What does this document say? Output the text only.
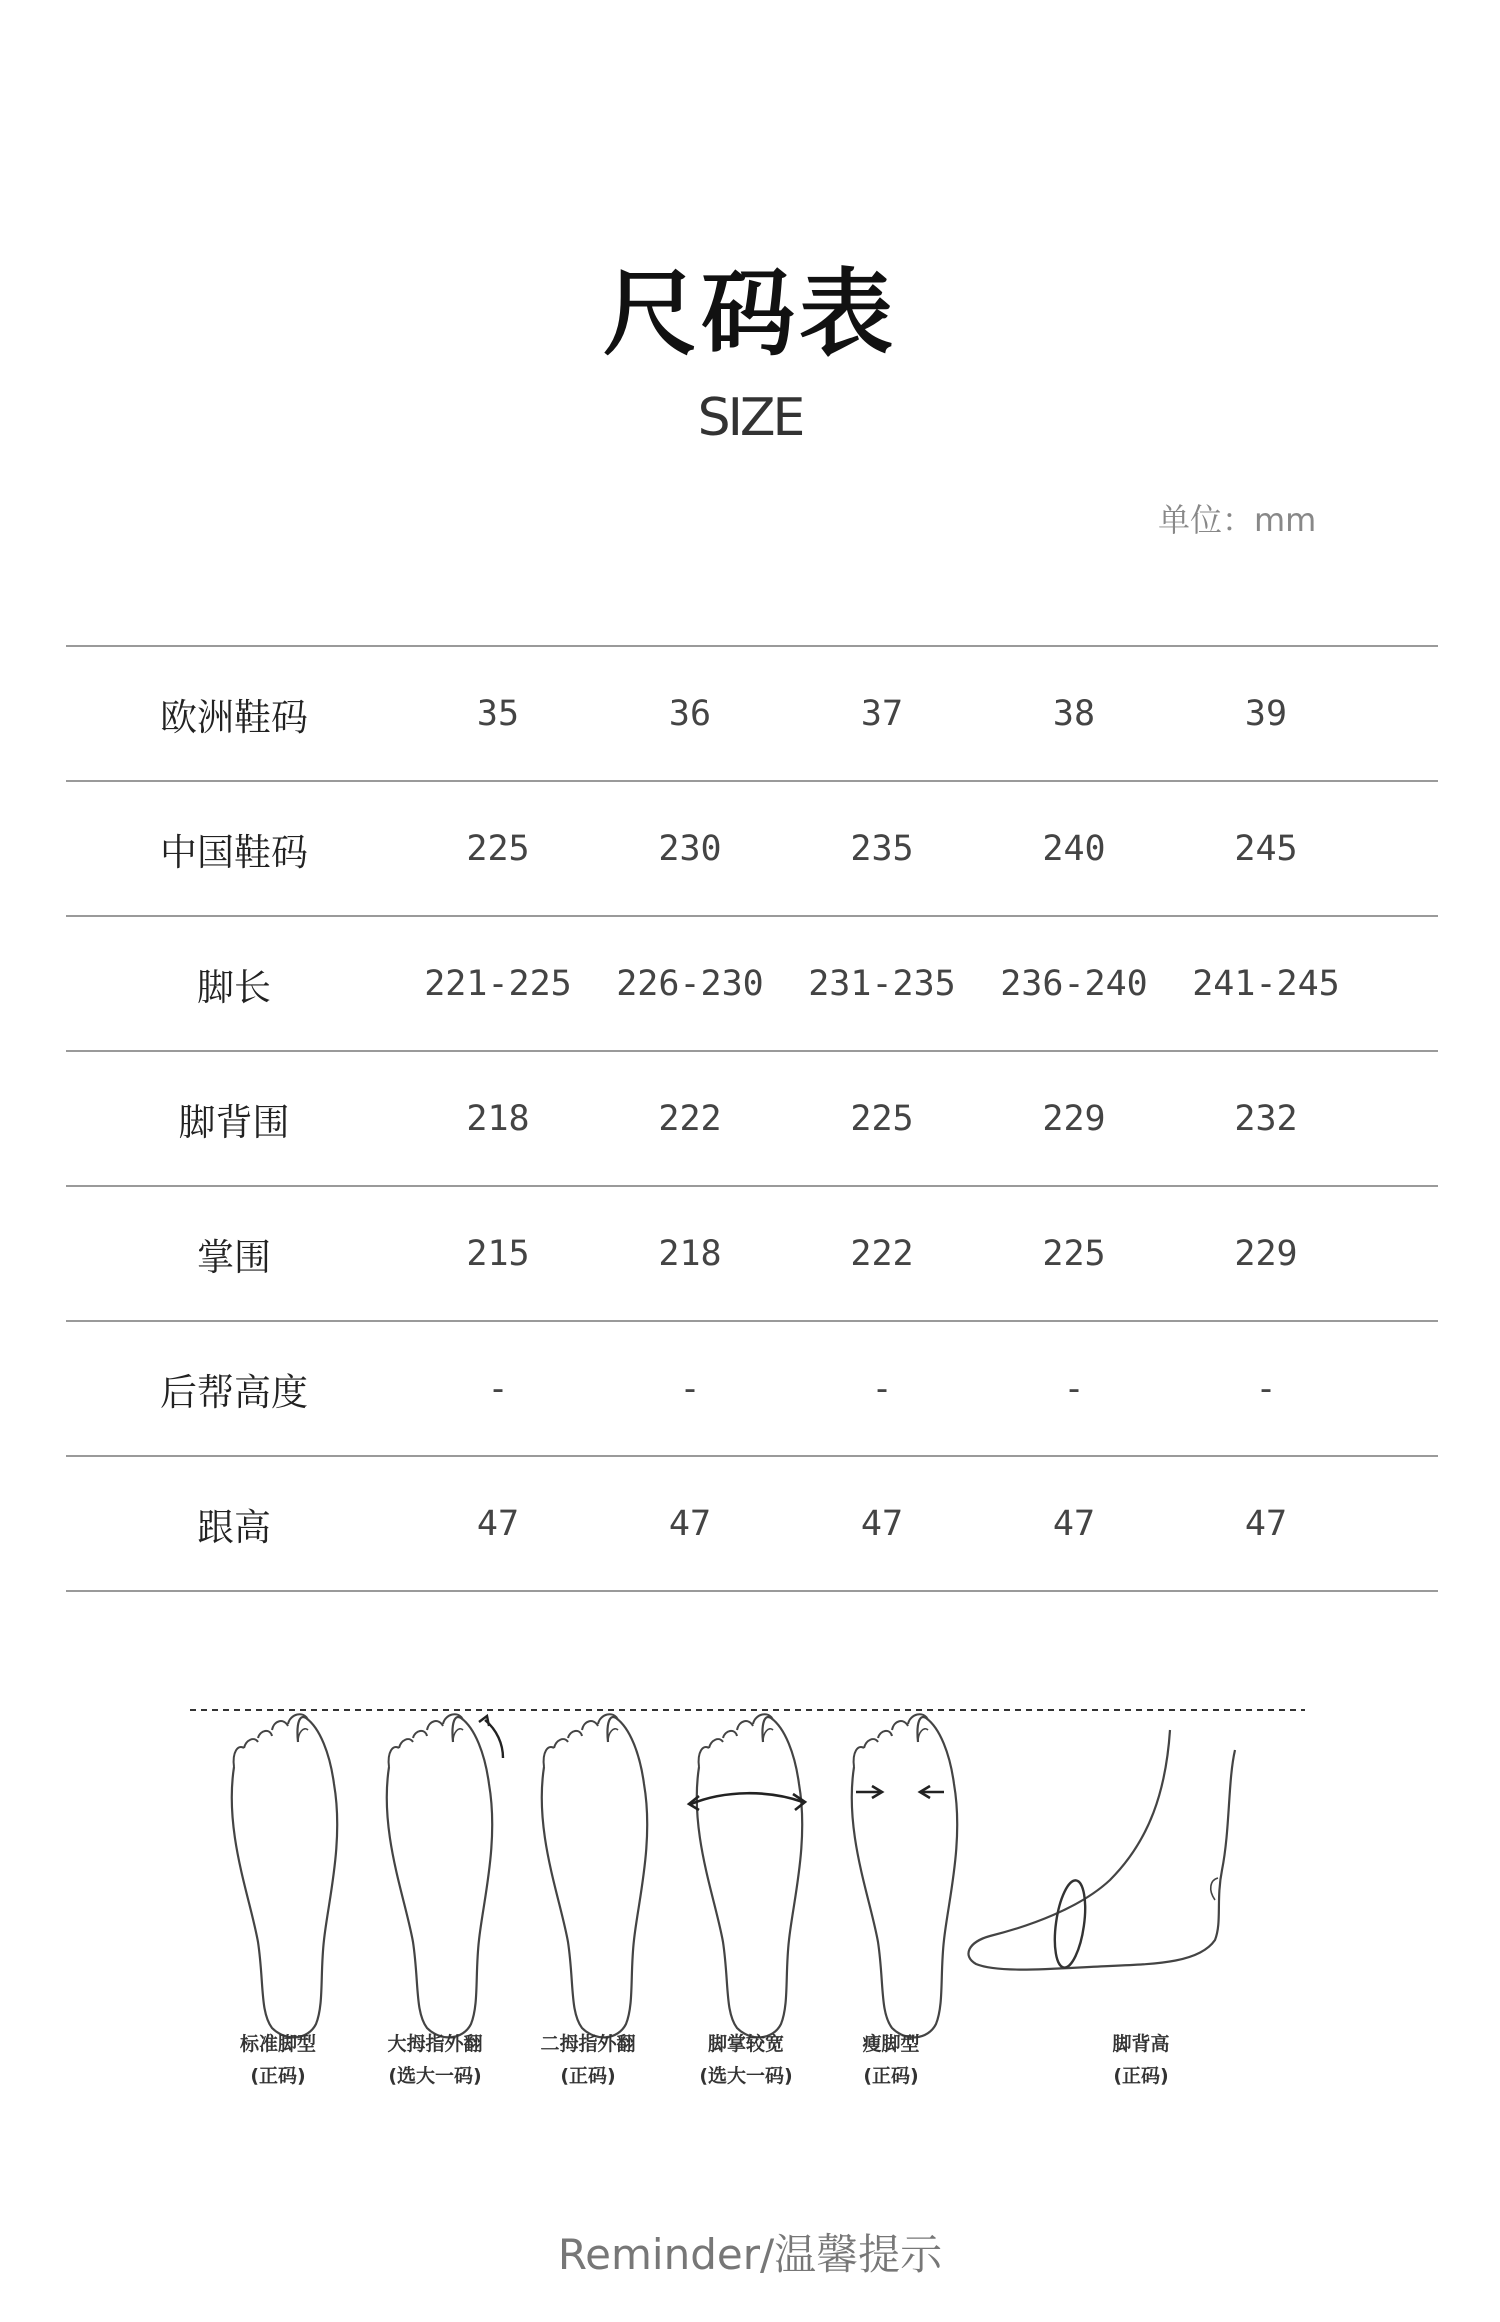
尺码表
SIZE
单位：mm
欧洲鞋码	35	36	37	38	39	
中国鞋码	225	230	235	240	245	
脚长	221-225	226-230	231-235	236-240	241-245	
脚背围	218	222	225	229	232	
掌围	215	218	222	225	229	
后帮高度	-	-	-	-	-	
跟高	47	47	47	47	47	
标准脚型
(正码)
大拇指外翻
(选大一码)
二拇指外翻
(正码)
脚掌较宽
(选大一码)
瘦脚型
(正码)
脚背高
(正码)
Reminder/温馨提示
